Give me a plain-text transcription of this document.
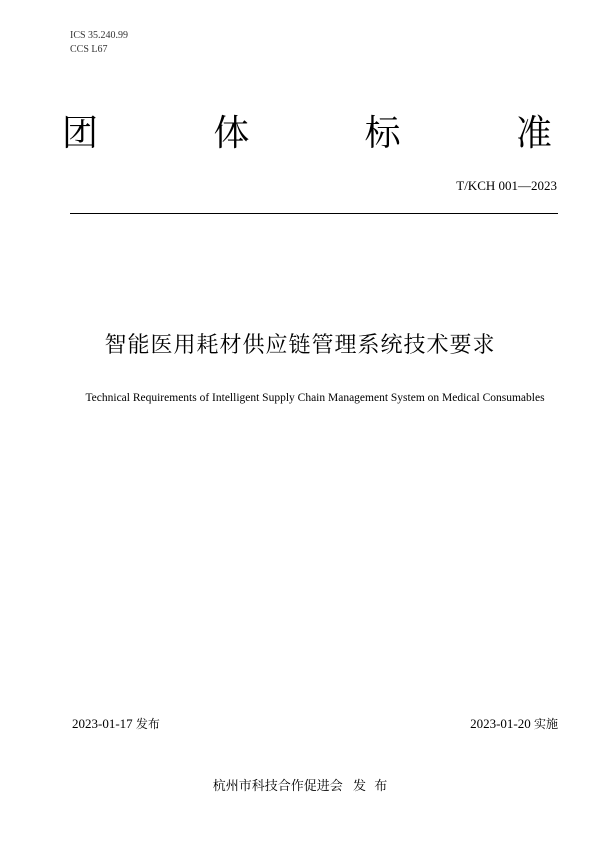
ICS 35.240.99
CCS L67
团	体	标	准
T/KCH 001—2023
智能医用耗材供应链管理系统技术要求
Technical Requirements of Intelligent Supply Chain Management System on Medical Consumables
2023-01-17 发布	2023-01-20 实施
杭州市科技合作促进会 发  布
